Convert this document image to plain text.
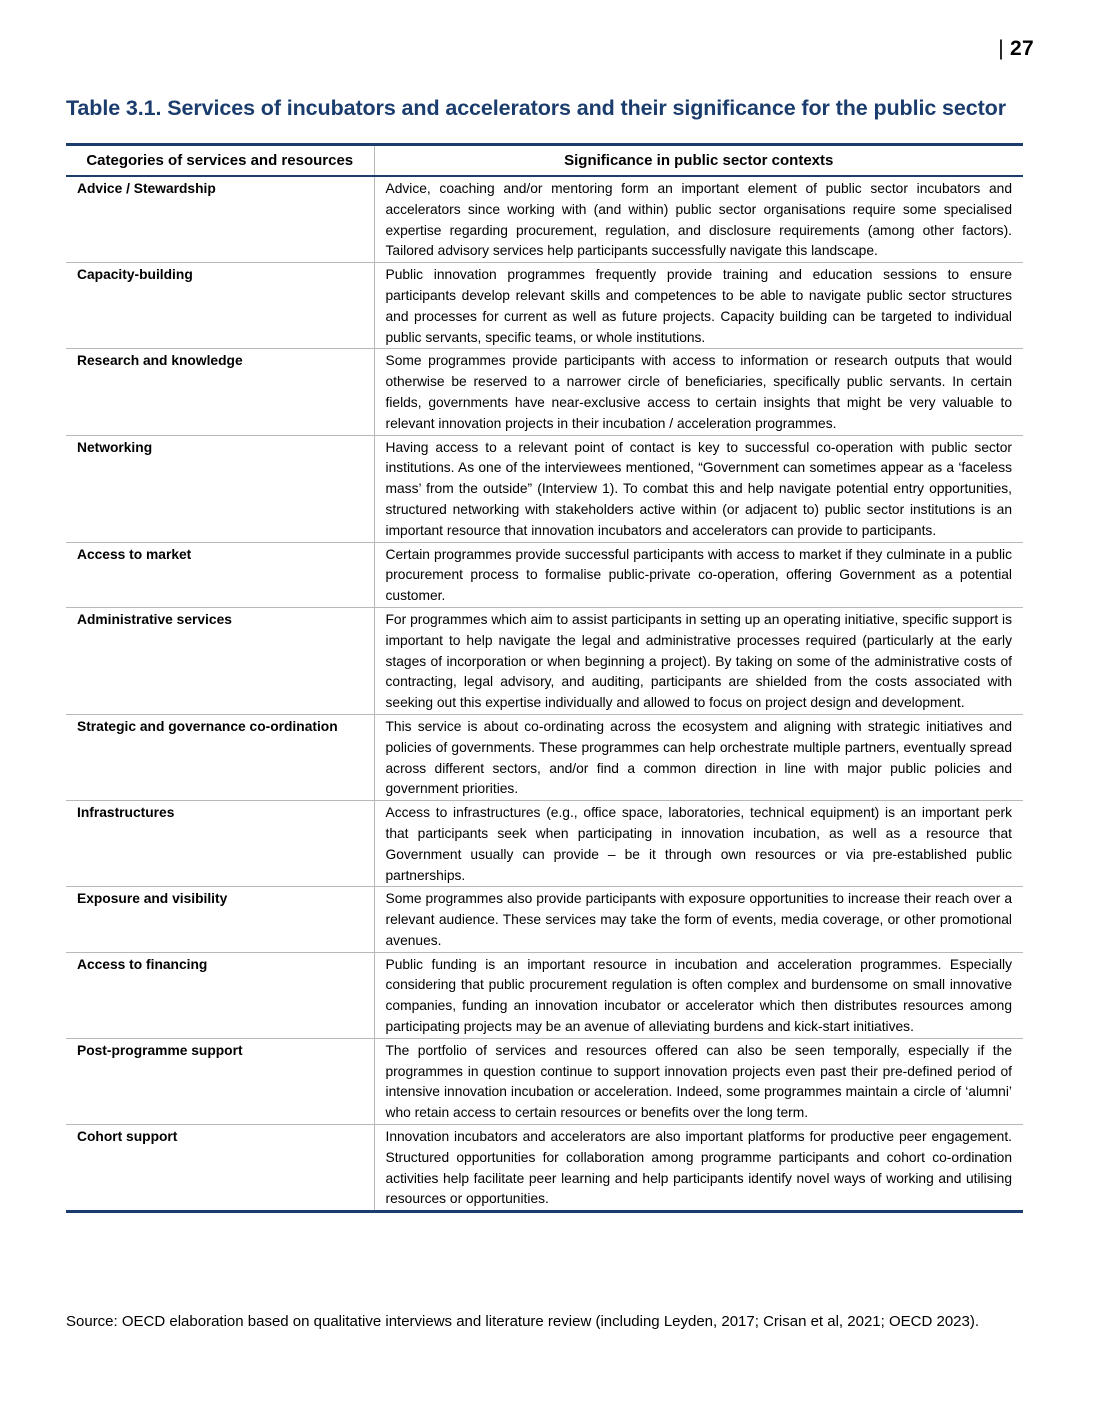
| 27
Table 3.1. Services of incubators and accelerators and their significance for the public sector
Categories of services and resources	Significance in public sector contexts
Advice / Stewardship	Advice, coaching and/or mentoring form an important element of public sector incubators and accelerators since working with (and within) public sector organisations require some specialised expertise regarding procurement, regulation, and disclosure requirements (among other factors). Tailored advisory services help participants successfully navigate this landscape.
Capacity-building	Public innovation programmes frequently provide training and education sessions to ensure participants develop relevant skills and competences to be able to navigate public sector structures and processes for current as well as future projects. Capacity building can be targeted to individual public servants, specific teams, or whole institutions.
Research and knowledge	Some programmes provide participants with access to information or research outputs that would otherwise be reserved to a narrower circle of beneficiaries, specifically public servants. In certain fields, governments have near-exclusive access to certain insights that might be very valuable to relevant innovation projects in their incubation / acceleration programmes.
Networking	Having access to a relevant point of contact is key to successful co-operation with public sector institutions. As one of the interviewees mentioned, “Government can sometimes appear as a ‘faceless mass’ from the outside” (Interview 1). To combat this and help navigate potential entry opportunities, structured networking with stakeholders active within (or adjacent to) public sector institutions is an important resource that innovation incubators and accelerators can provide to participants.
Access to market	Certain programmes provide successful participants with access to market if they culminate in a public procurement process to formalise public-private co-operation, offering Government as a potential customer.
Administrative services	For programmes which aim to assist participants in setting up an operating initiative, specific support is important to help navigate the legal and administrative processes required (particularly at the early stages of incorporation or when beginning a project). By taking on some of the administrative costs of contracting, legal advisory, and auditing, participants are shielded from the costs associated with seeking out this expertise individually and allowed to focus on project design and development.
Strategic and governance co-ordination	This service is about co-ordinating across the ecosystem and aligning with strategic initiatives and policies of governments. These programmes can help orchestrate multiple partners, eventually spread across different sectors, and/or find a common direction in line with major public policies and government priorities.
Infrastructures	Access to infrastructures (e.g., office space, laboratories, technical equipment) is an important perk that participants seek when participating in innovation incubation, as well as a resource that Government usually can provide – be it through own resources or via pre-established public partnerships.
Exposure and visibility	Some programmes also provide participants with exposure opportunities to increase their reach over a relevant audience. These services may take the form of events, media coverage, or other promotional avenues.
Access to financing	Public funding is an important resource in incubation and acceleration programmes. Especially considering that public procurement regulation is often complex and burdensome on small innovative companies, funding an innovation incubator or accelerator which then distributes resources among participating projects may be an avenue of alleviating burdens and kick-start initiatives.
Post-programme support	The portfolio of services and resources offered can also be seen temporally, especially if the programmes in question continue to support innovation projects even past their pre-defined period of intensive innovation incubation or acceleration. Indeed, some programmes maintain a circle of ‘alumni’ who retain access to certain resources or benefits over the long term.
Cohort support	Innovation incubators and accelerators are also important platforms for productive peer engagement. Structured opportunities for collaboration among programme participants and cohort co-ordination activities help facilitate peer learning and help participants identify novel ways of working and utilising resources or opportunities.
Source: OECD elaboration based on qualitative interviews and literature review (including Leyden, 2017; Crisan et al, 2021; OECD 2023).
